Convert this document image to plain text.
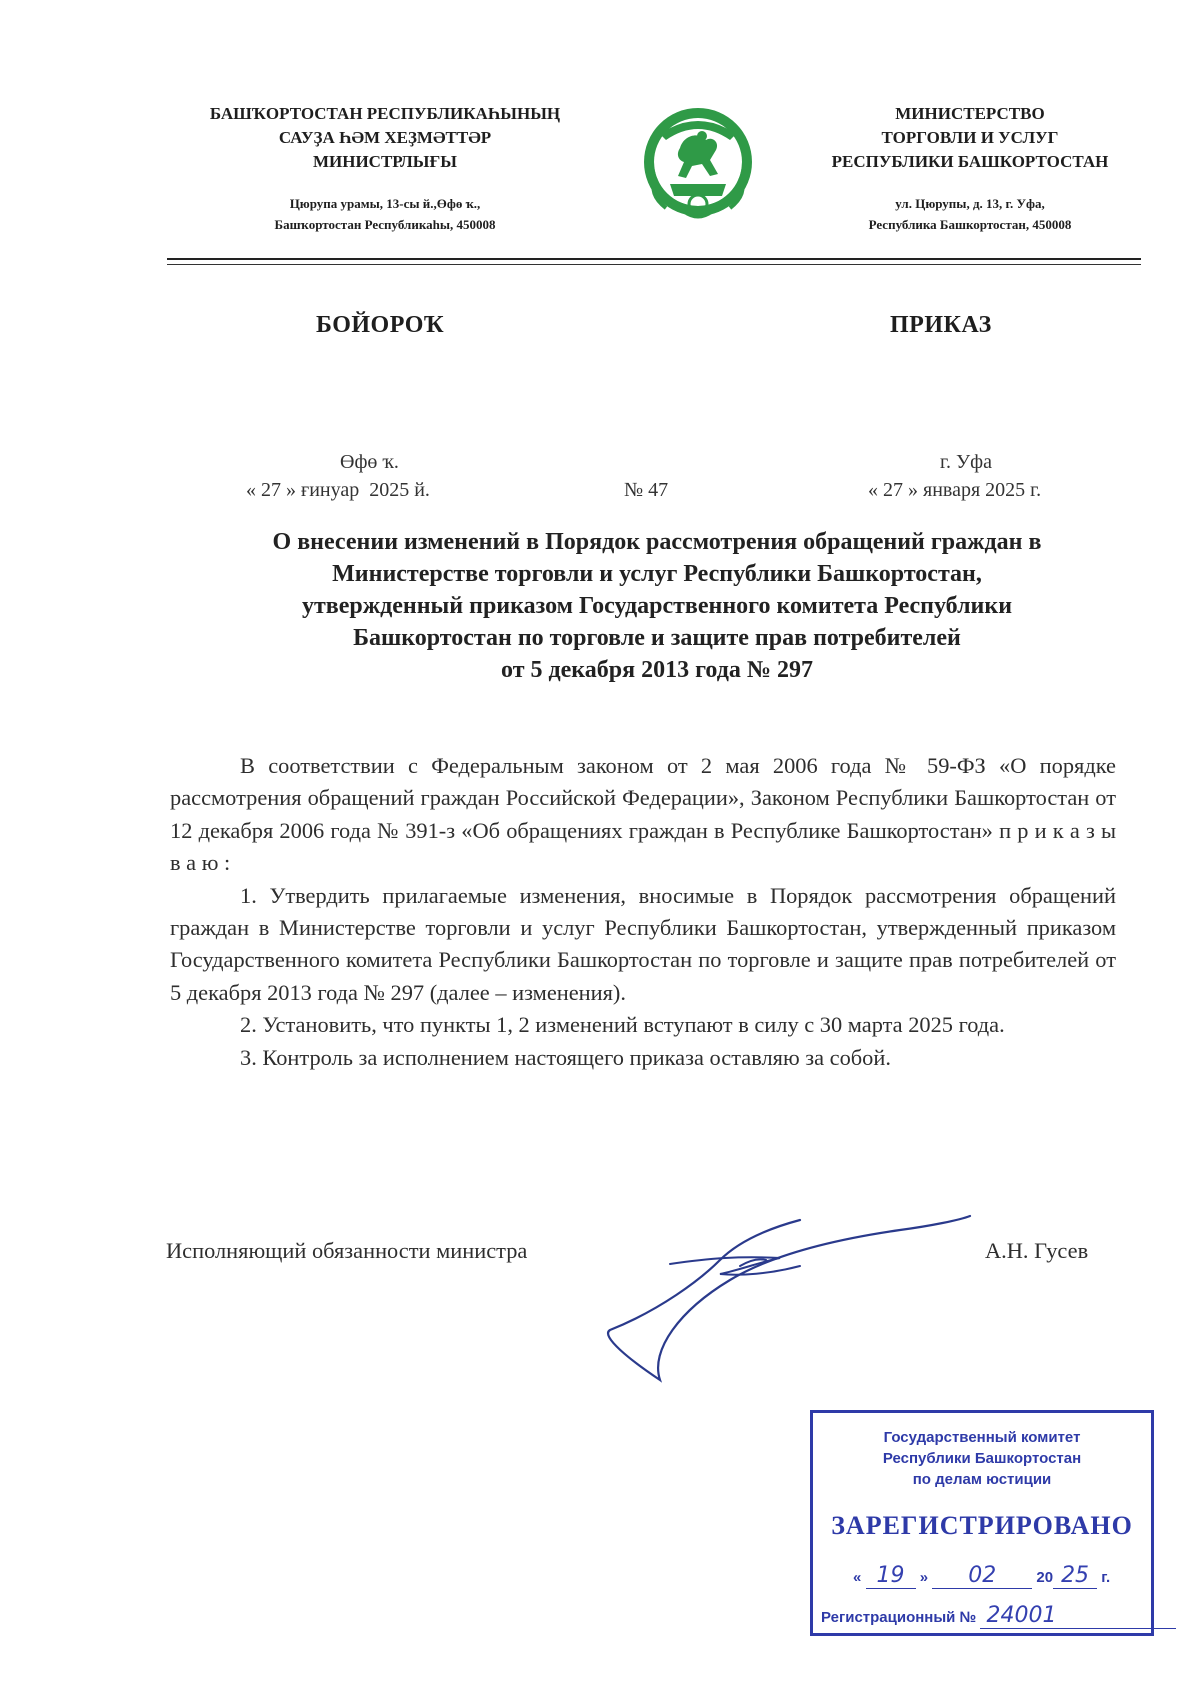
БАШҠОРТОСТАН РЕСПУБЛИКАҺЫНЫҢ
САУҘА ҺӘМ ХЕҘМӘТТӘР
МИНИСТРЛЫҒЫ
Цюрупа урамы, 13-сы й.,Өфө ҡ.,
Башҡортостан Республикаһы, 450008
МИНИСТЕРСТВО
ТОРГОВЛИ И УСЛУГ
РЕСПУБЛИКИ БАШКОРТОСТАН
ул. Цюрупы, д. 13, г. Уфа,
Республика Башкортостан, 450008
БОЙОРОҠ	ПРИКАЗ
Өфө ҡ.
« 27 » ғинуар  2025 й.	№ 47
г. Уфа
« 27 » января 2025 г.
О внесении изменений в Порядок рассмотрения обращений граждан в
Министерстве торговли и услуг Республики Башкортостан,
утвержденный приказом Государственного комитета Республики
Башкортостан по торговле и защите прав потребителей
от 5 декабря 2013 года № 297
В соответствии с Федеральным законом от 2 мая 2006 года № 59-ФЗ «О порядке рассмотрения обращений граждан Российской Федерации», Законом Республики Башкортостан от 12 декабря 2006 года № 391-з «Об обращениях граждан в Республике Башкортостан» п р и к а з ы в а ю :
1. Утвердить прилагаемые изменения, вносимые в Порядок рассмотрения обращений граждан в Министерстве торговли и услуг Республики Башкортостан, утвержденный приказом Государственного комитета Республики Башкортостан по торговле и защите прав потребителей от 5 декабря 2013 года № 297 (далее – изменения).
2. Установить, что пункты 1, 2 изменений вступают в силу с 30 марта 2025 года.
3. Контроль за исполнением настоящего приказа оставляю за собой.
Исполняющий обязанности министра	А.Н. Гусев
Государственный комитет
Республики Башкортостан
по делам юстиции
ЗАРЕГИСТРИРОВАНО
« 19 » 02	20 25 г.
Регистрационный № 24001
